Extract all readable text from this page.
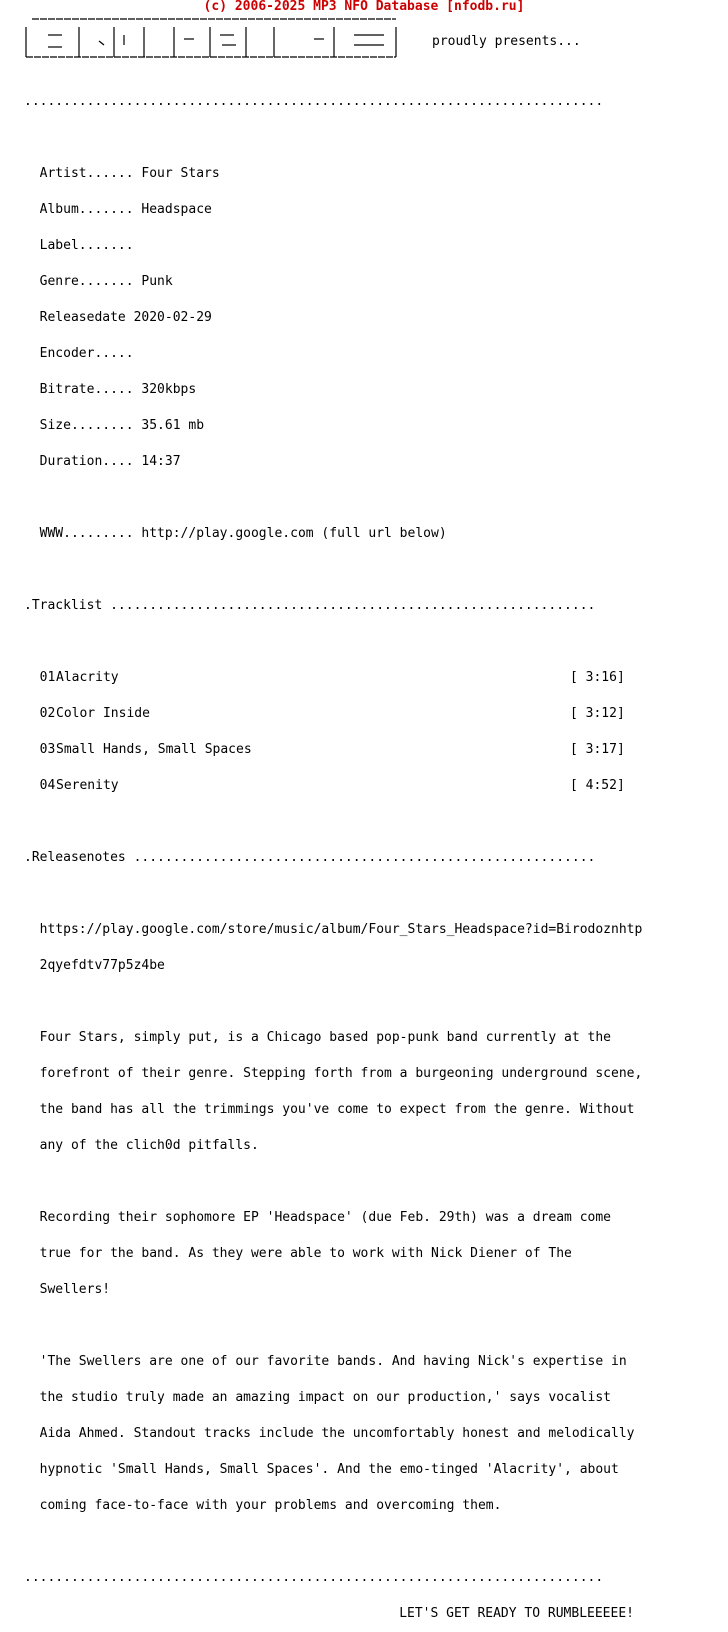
(c) 2006-2025 MP3 NFO Database [nfodb.ru]
proudly presents...

..........................................................................

Artist...... Four Stars

Album....... Headspace

Label.......

Genre....... Punk

Releasedate 2020-02-29

Encoder.....

Bitrate..... 320kbps

Size........ 35.61 mb

Duration.... 14:37

WWW......... http://play.google.com (full url below)

.Tracklist ..............................................................

01 Alacrity	[ 3:16]

02 Color Inside	[ 3:12]

03 Small Hands, Small Spaces	[ 3:17]

04 Serenity	[ 4:52]

.Releasenotes ...........................................................

https://play.google.com/store/music/album/Four_Stars_Headspace?id=Birodoznhtp

2qyefdtv77p5z4be

Four Stars, simply put, is a Chicago based pop-punk band currently at the

forefront of their genre. Stepping forth from a burgeoning underground scene,

the band has all the trimmings you've come to expect from the genre. Without

any of the clich0d pitfalls.

Recording their sophomore EP 'Headspace' (due Feb. 29th) was a dream come

true for the band. As they were able to work with Nick Diener of The

Swellers!

'The Swellers are one of our favorite bands. And having Nick's expertise in

the studio truly made an amazing impact on our production,' says vocalist

Aida Ahmed. Standout tracks include the uncomfortably honest and melodically

hypnotic 'Small Hands, Small Spaces'. And the emo-tinged 'Alacrity', about

coming face-to-face with your problems and overcoming them.

..........................................................................

LET'S GET READY TO RUMBLEEEEE!
